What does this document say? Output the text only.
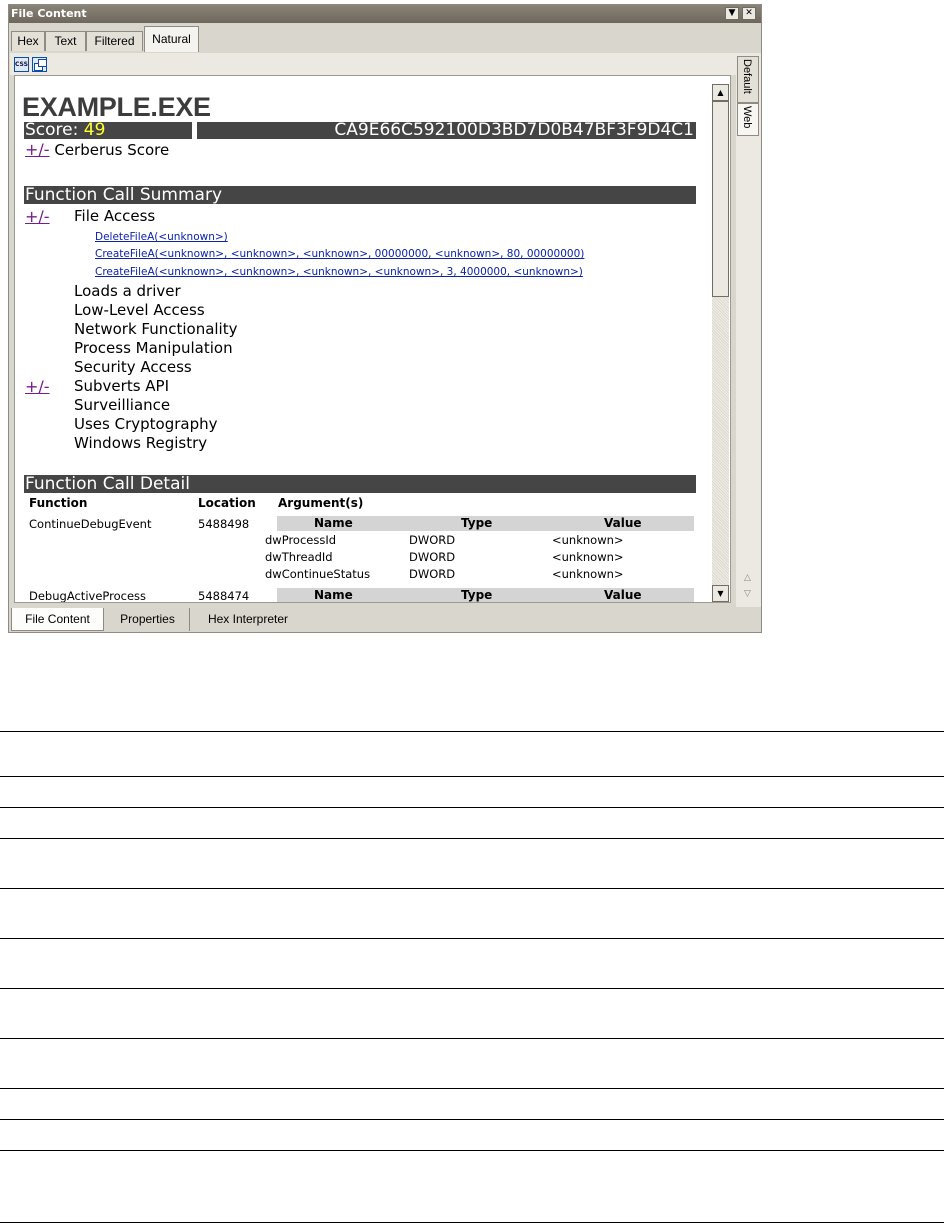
File Content	▼	✕
Hex	Text	Filtered	Natural
CSS
EXAMPLE.EXE
Score: 49	CA9E66C592100D3BD7D0B47BF3F9D4C1
+/- Cerberus Score
Function Call Summary
+/- File Access
DeleteFileA(<unknown>)
CreateFileA(<unknown>, <unknown>, <unknown>, 00000000, <unknown>, 80, 00000000)
CreateFileA(<unknown>, <unknown>, <unknown>, <unknown>, 3, 4000000, <unknown>)
Loads a driver
Low-Level Access
Network Functionality
Process Manipulation
Security Access
+/- Subverts API
Surveilliance
Uses Cryptography
Windows Registry
Function Call Detail
Function	Location Argument(s)
ContinueDebugEvent	5488498	Name	Type	Value
dwProcessId	DWORD	<unknown>
dwThreadId	DWORD	<unknown>
dwContinueStatus	DWORD	<unknown>
DebugActiveProcess	5488474	Name	Type	Value
▲
▼
Default
Web
△
▽
File Content	Properties	Hex Interpreter
